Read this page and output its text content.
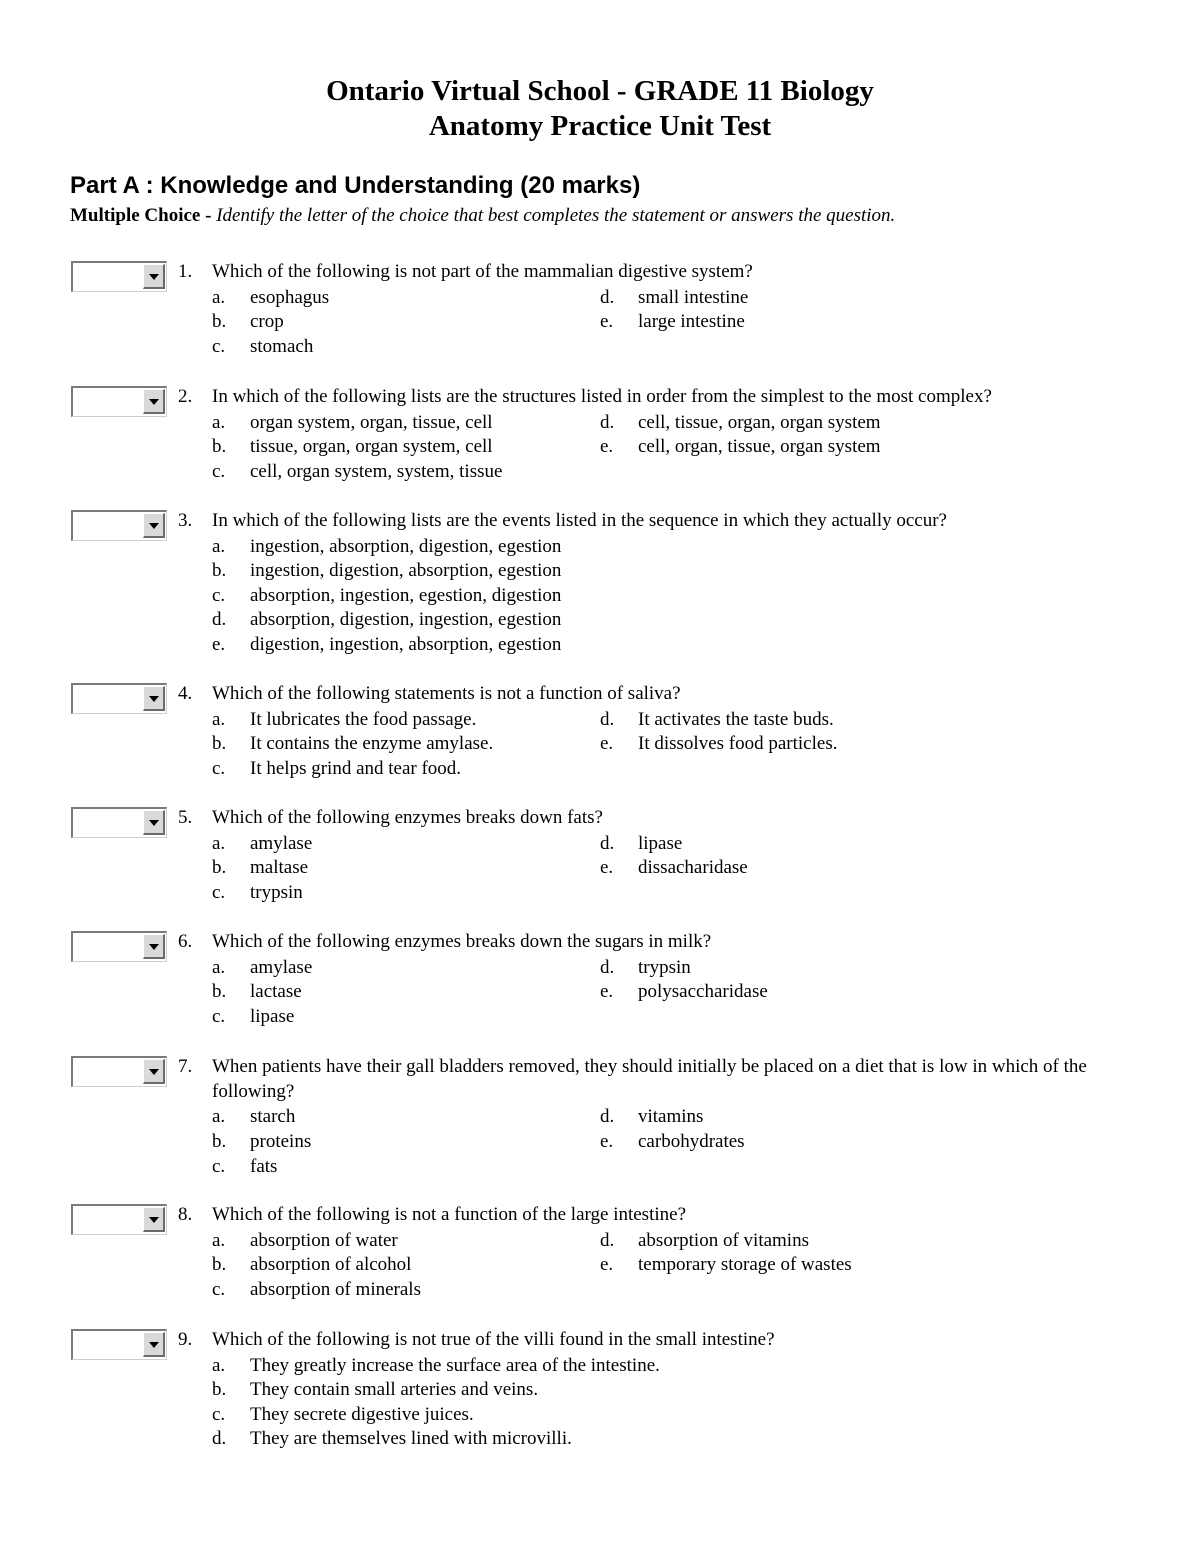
Ontario Virtual School - GRADE 11 Biology
Anatomy Practice Unit Test
Part A : Knowledge and Understanding (20 marks)
Multiple Choice - Identify the letter of the choice that best completes the statement or answers the question.
1. Which of the following is not part of the mammalian digestive system?
a. esophagus
b. crop
c. stomach
d. small intestine
e. large intestine
2. In which of the following lists are the structures listed in order from the simplest to the most complex?
a. organ system, organ, tissue, cell
b. tissue, organ, organ system, cell
c. cell, organ system, system, tissue
d. cell, tissue, organ, organ system
e. cell, organ, tissue, organ system
3. In which of the following lists are the events listed in the sequence in which they actually occur?
a. ingestion, absorption, digestion, egestion
b. ingestion, digestion, absorption, egestion
c. absorption, ingestion, egestion, digestion
d. absorption, digestion, ingestion, egestion
e. digestion, ingestion, absorption, egestion
4. Which of the following statements is not a function of saliva?
a. It lubricates the food passage.
b. It contains the enzyme amylase.
c. It helps grind and tear food.
d. It activates the taste buds.
e. It dissolves food particles.
5. Which of the following enzymes breaks down fats?
a. amylase
b. maltase
c. trypsin
d. lipase
e. dissacharidase
6. Which of the following enzymes breaks down the sugars in milk?
a. amylase
b. lactase
c. lipase
d. trypsin
e. polysaccharidase
7. When patients have their gall bladders removed, they should initially be placed on a diet that is low in which of the following?
a. starch
b. proteins
c. fats
d. vitamins
e. carbohydrates
8. Which of the following is not a function of the large intestine?
a. absorption of water
b. absorption of alcohol
c. absorption of minerals
d. absorption of vitamins
e. temporary storage of wastes
9. Which of the following is not true of the villi found in the small intestine?
a. They greatly increase the surface area of the intestine.
b. They contain small arteries and veins.
c. They secrete digestive juices.
d. They are themselves lined with microvilli.
